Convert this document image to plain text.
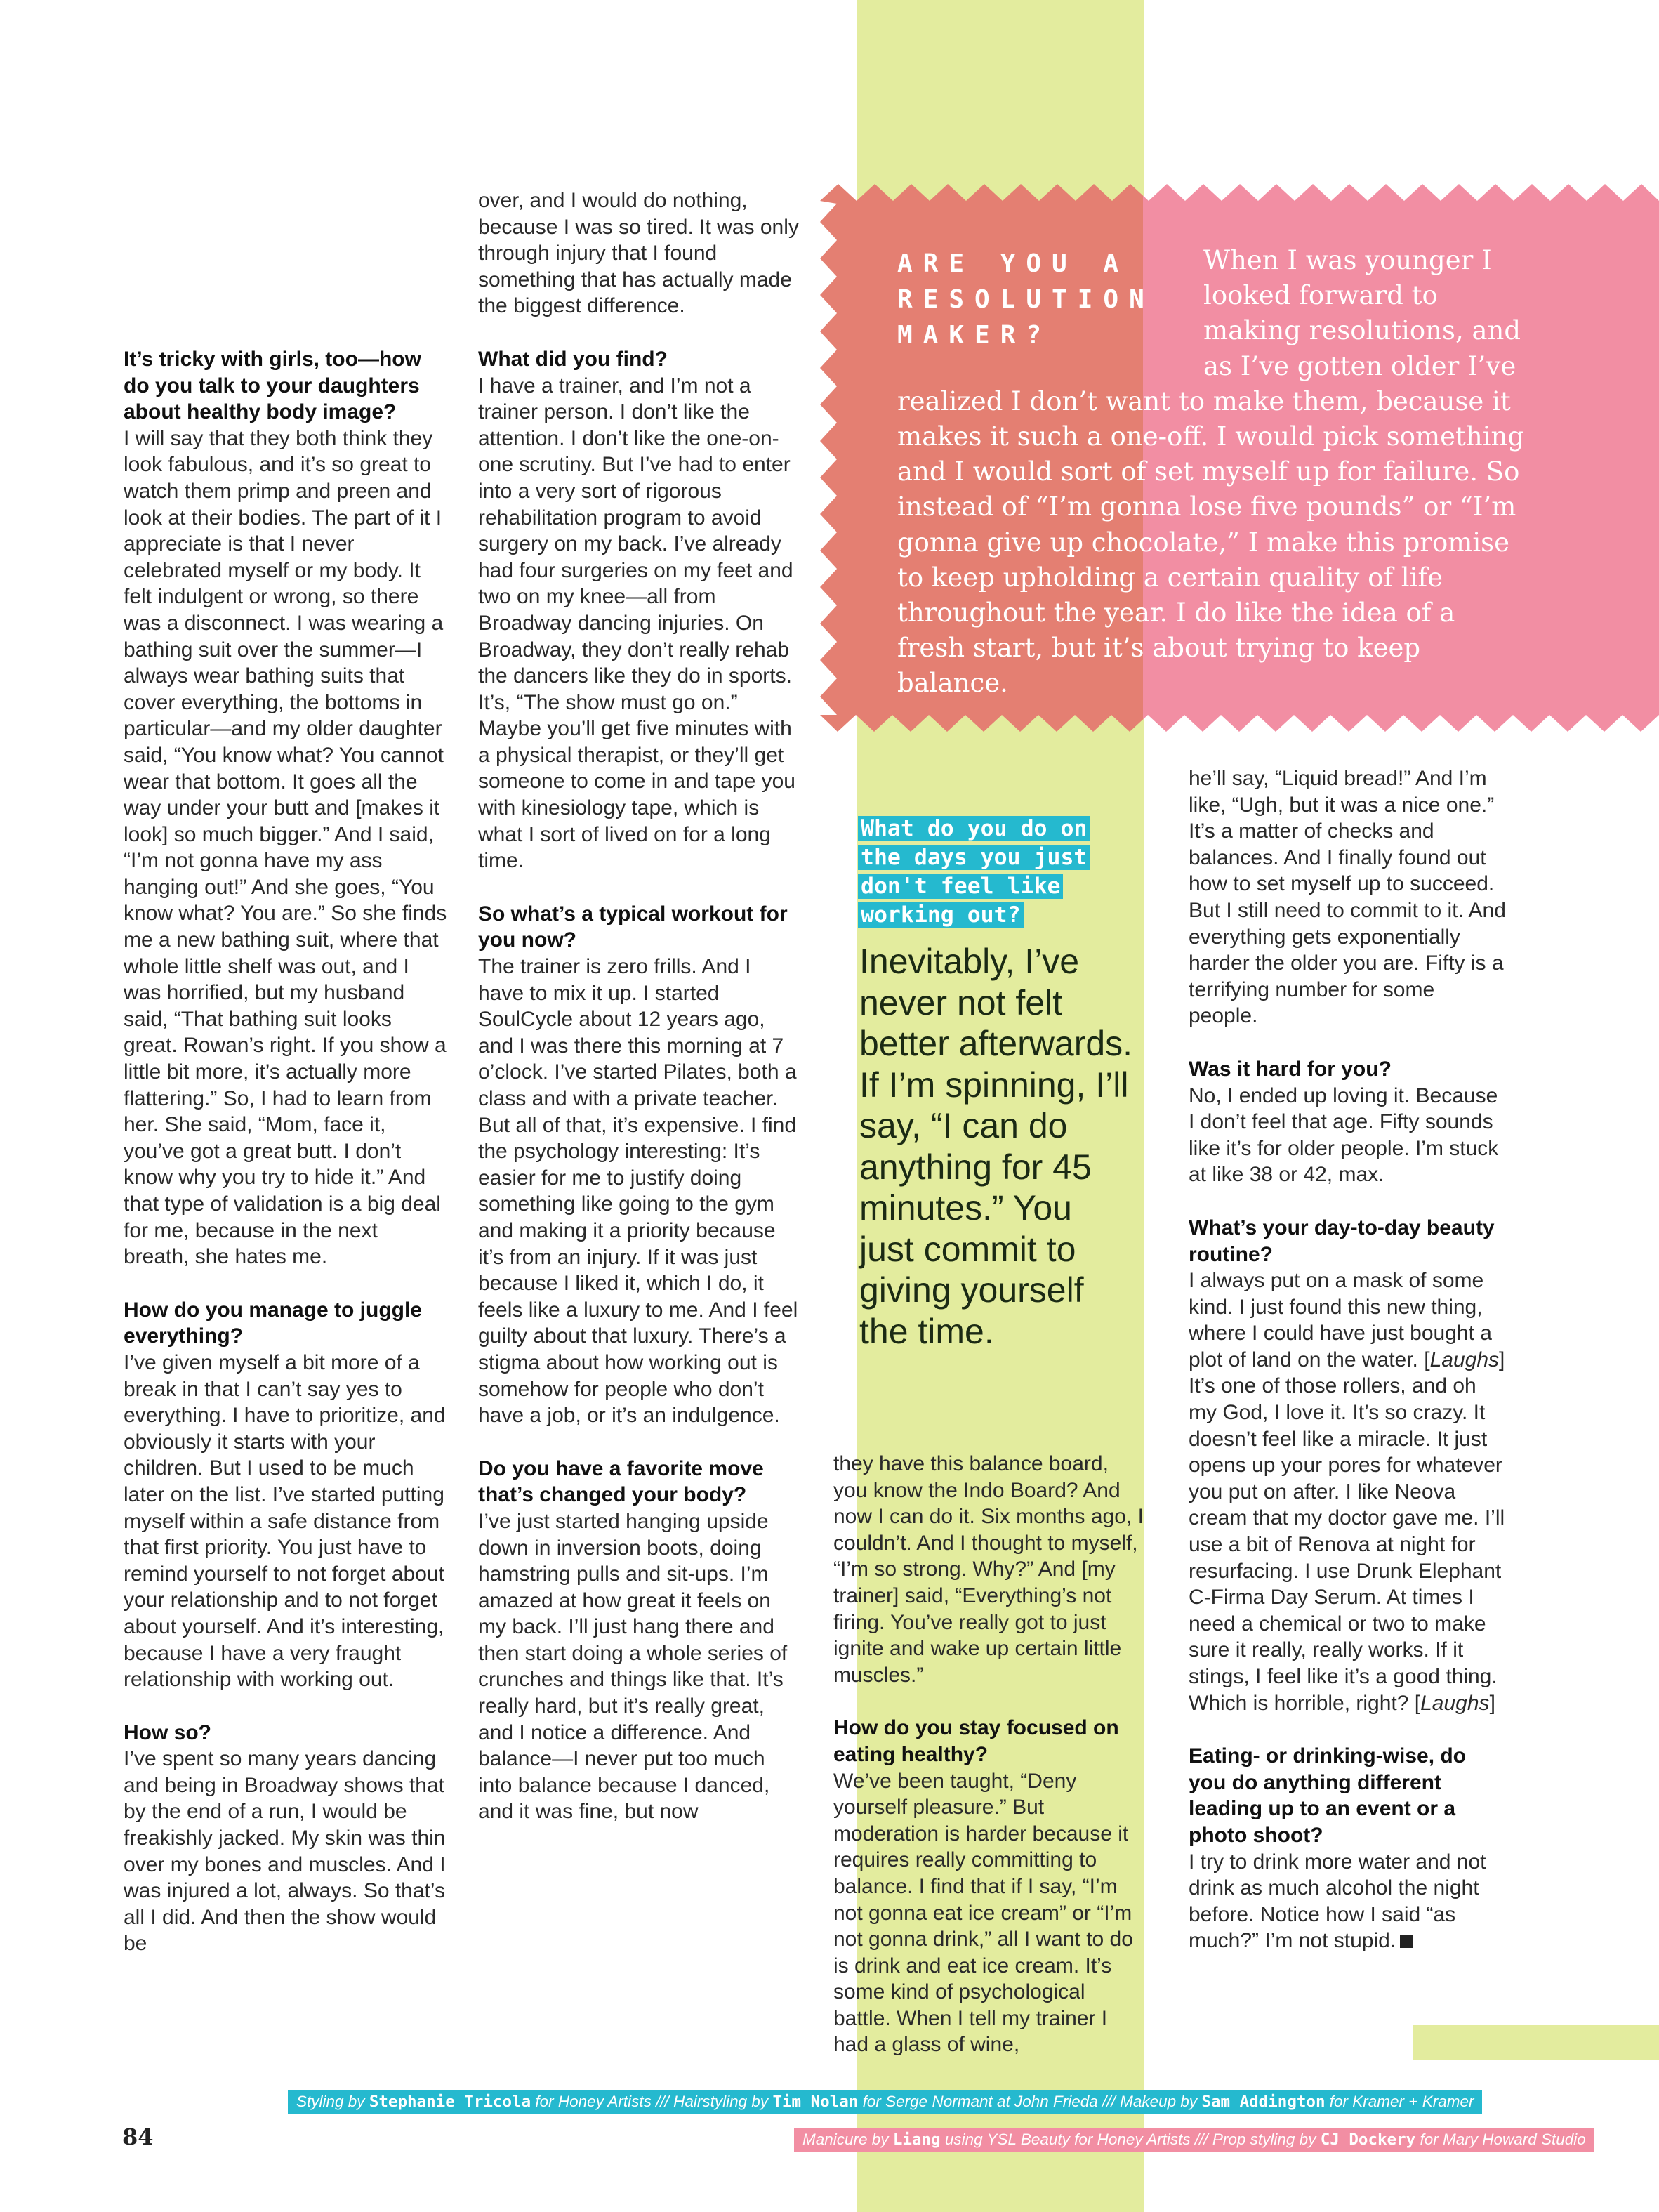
It’s tricky with girls, too—how do you talk to your daughters about healthy body image?

I will say that they both think they look fabulous, and it’s so great to watch them primp and preen and look at their bodies. The part of it I appreciate is that I never celebrated myself or my body. It felt indulgent or wrong, so there was a disconnect. I was wearing a bathing suit over the summer—I always wear bathing suits that cover everything, the bottoms in particular—and my older daughter said, “You know what? You cannot wear that bottom. It goes all the way under your butt and [makes it look] so much bigger.” And I said, “I’m not gonna have my ass hanging out!” And she goes, “You know what? You are.” So she finds me a new bathing suit, where that whole little shelf was out, and I was horrified, but my husband said, “That bathing suit looks great. Rowan’s right. If you show a little bit more, it’s actually more flattering.” So, I had to learn from her. She said, “Mom, face it, you’ve got a great butt. I don’t know why you try to hide it.” And that type of validation is a big deal for me, because in the next breath, she hates me.

How do you manage to juggle everything?

I’ve given myself a bit more of a break in that I can’t say yes to everything. I have to prioritize, and obviously it starts with your children. But I used to be much later on the list. I’ve started putting myself within a safe distance from that first priority. You just have to remind yourself to not forget about your relationship and to not forget about yourself. And it’s interesting, because I have a very fraught relationship with working out.

How so?

I’ve spent so many years dancing and being in Broadway shows that by the end of a run, I would be freakishly jacked. My skin was thin over my bones and muscles. And I was injured a lot, always. So that’s all I did. And then the show would be

over, and I would do nothing, because I was so tired. It was only through injury that I found something that has actually made the biggest difference.

What did you find?

I have a trainer, and I’m not a trainer person. I don’t like the attention. I don’t like the one-on-one scrutiny. But I’ve had to enter into a very sort of rigorous rehabilitation program to avoid surgery on my back. I’ve already had four surgeries on my feet and two on my knee—all from Broadway dancing injuries. On Broadway, they don’t really rehab the dancers like they do in sports. It’s, “The show must go on.” Maybe you’ll get five minutes with a physical therapist, or they’ll get someone to come in and tape you with kinesiology tape, which is what I sort of lived on for a long time.

So what’s a typical workout for you now?

The trainer is zero frills. And I have to mix it up. I started SoulCycle about 12 years ago, and I was there this morning at 7 o’clock. I’ve started Pilates, both a class and with a private teacher. But all of that, it’s expensive. I find the psychology interesting: It’s easier for me to justify doing something like going to the gym and making it a priority because it’s from an injury. If it was just because I liked it, which I do, it feels like a luxury to me. And I feel guilty about that luxury. There’s a stigma about how working out is somehow for people who don’t have a job, or it’s an indulgence.

Do you have a favorite move that’s changed your body?

I’ve just started hanging upside down in inversion boots, doing hamstring pulls and sit-ups. I’m amazed at how great it feels on my back. I’ll just hang there and then start doing a whole series of crunches and things like that. It’s really hard, but it’s really great, and I notice a difference. And balance—I never put too much into balance because I danced, and it was fine, but now

ARE YOU A RESOLUTION MAKER?
When I was younger I looked forward to making resolutions, and as I’ve gotten older I’ve realized I don’t want to make them, because it makes it such a one-off. I would pick something and I would sort of set myself up for failure. So instead of “I’m gonna lose five pounds” or “I’m gonna give up chocolate,” I make this promise to keep upholding a certain quality of life throughout the year. I do like the idea of a fresh start, but it’s about trying to keep balance.
What do you do on the days you just don't feel like working out?
Inevitably, I’ve never not felt better afterwards. If I’m spinning, I’ll say, “I can do anything for 45 minutes.” You just commit to giving yourself the time.

they have this balance board, you know the Indo Board? And now I can do it. Six months ago, I couldn’t. And I thought to myself, “I’m so strong. Why?” And [my trainer] said, “Everything’s not firing. You’ve really got to just ignite and wake up certain little muscles.”

How do you stay focused on eating healthy?

We’ve been taught, “Deny yourself pleasure.” But moderation is harder because it requires really committing to balance. I find that if I say, “I’m not gonna eat ice cream” or “I’m not gonna drink,” all I want to do is drink and eat ice cream. It’s some kind of psychological battle. When I tell my trainer I had a glass of wine,

he’ll say, “Liquid bread!” And I’m like, “Ugh, but it was a nice one.” It’s a matter of checks and balances. And I finally found out how to set myself up to succeed. But I still need to commit to it. And everything gets exponentially harder the older you are. Fifty is a terrifying number for some people.

Was it hard for you?

No, I ended up loving it. Because I don’t feel that age. Fifty sounds like it’s for older people. I’m stuck at like 38 or 42, max.

What’s your day-to-day beauty routine?

I always put on a mask of some kind. I just found this new thing, where I could have just bought a plot of land on the water. [Laughs] It’s one of those rollers, and oh my God, I love it. It’s so crazy. It doesn’t feel like a miracle. It just opens up your pores for whatever you put on after. I like Neova cream that my doctor gave me. I’ll use a bit of Renova at night for resurfacing. I use Drunk Elephant C-Firma Day Serum. At times I need a chemical or two to make sure it really, really works. If it stings, I feel like it’s a good thing. Which is horrible, right? [Laughs]

Eating- or drinking-wise, do you do anything different leading up to an event or a photo shoot?

I try to drink more water and not drink as much alcohol the night before. Notice how I said “as much?” I’m not stupid.

Styling by Stephanie Tricola for Honey Artists /// Hairstyling by Tim Nolan for Serge Normant at John Frieda /// Makeup by Sam Addington for Kramer + Kramer
84	Manicure by Liang using YSL Beauty for Honey Artists /// Prop styling by CJ Dockery for Mary Howard Studio
